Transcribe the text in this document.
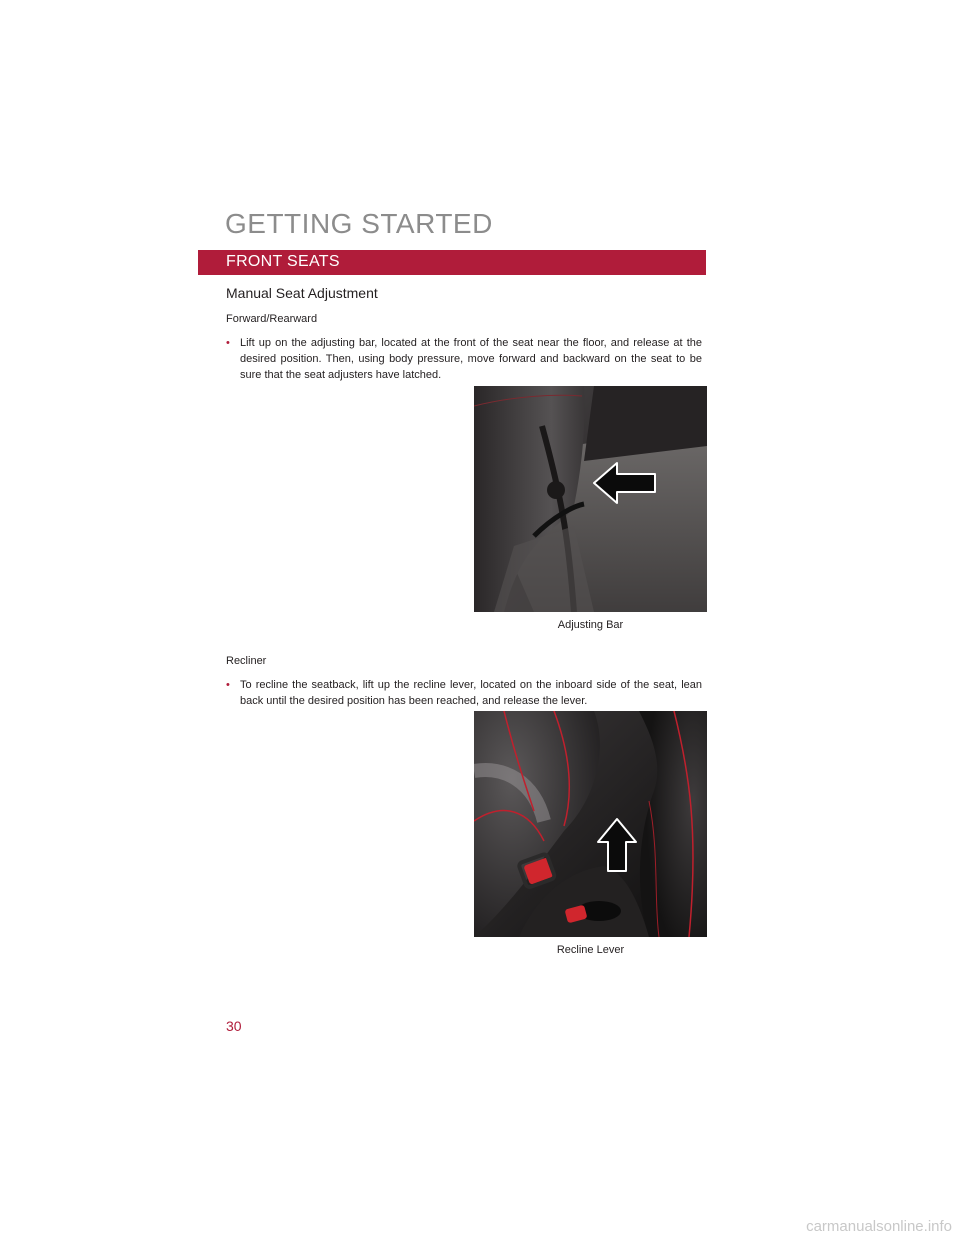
GETTING STARTED
FRONT SEATS
Manual Seat Adjustment
Forward/Rearward

• Lift up on the adjusting bar, located at the front of the seat near the floor, and release at the desired position. Then, using body pressure, move forward and backward on the seat to be sure that the seat adjusters have latched.

Adjusting Bar

Recliner

• To recline the seatback, lift up the recline lever, located on the inboard side of the seat, lean back until the desired position has been reached, and release the lever.

Recline Lever

30

carmanualsonline.info
